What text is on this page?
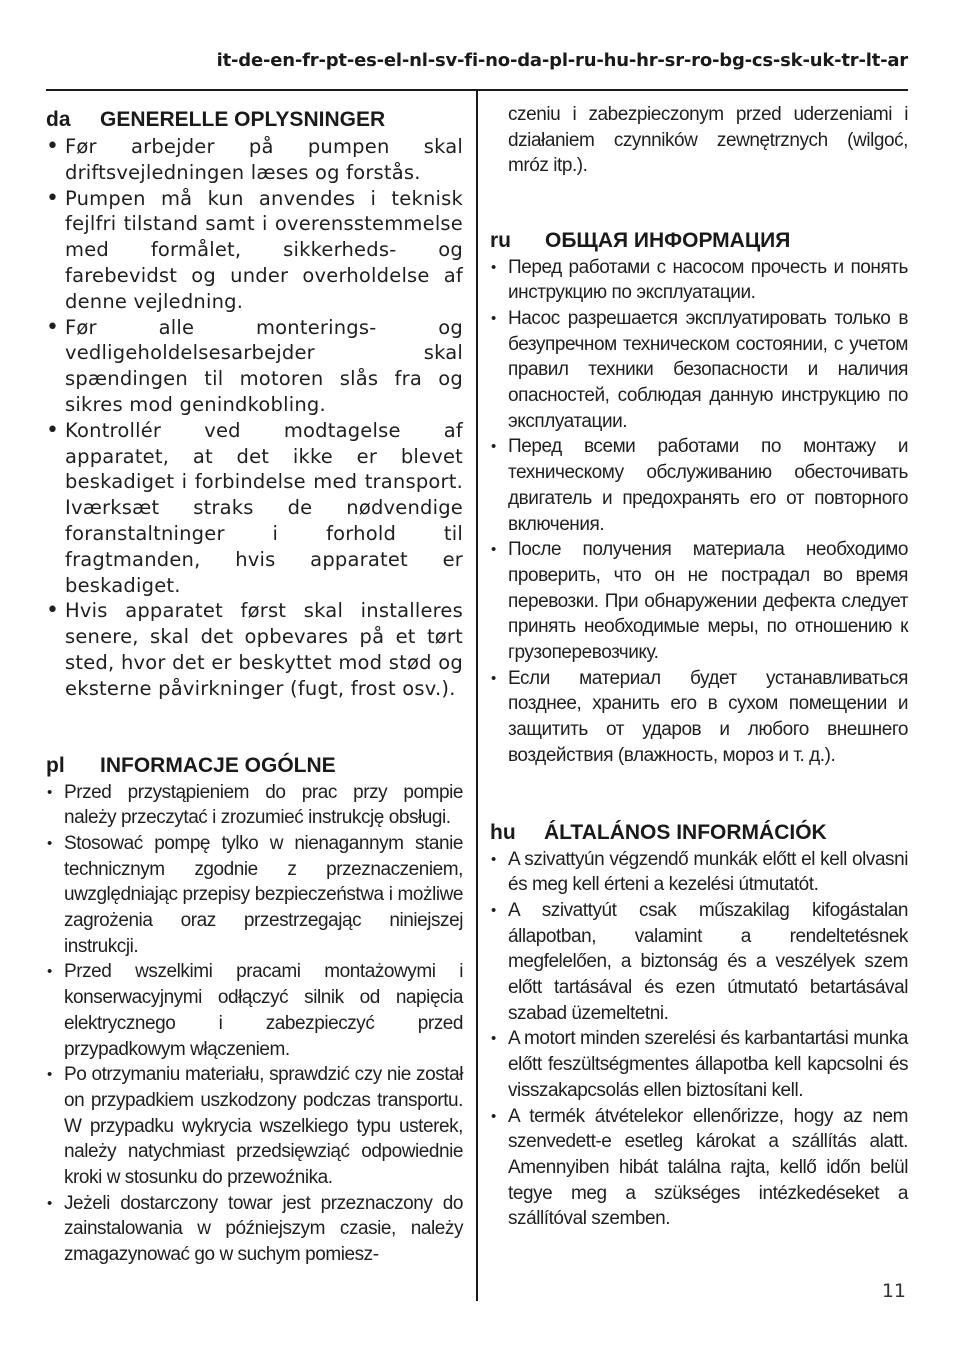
it-de-en-fr-pt-es-el-nl-sv-fi-no-da-pl-ru-hu-hr-sr-ro-bg-cs-sk-uk-tr-lt-ar
da GENERELLE OPLYSNINGER
• Før arbejder på pumpen skal driftsvejledningen læses og forstås.
• Pumpen må kun anvendes i teknisk fejlfri tilstand samt i overensstemmelse med formålet, sikkerheds- og farebevidst og under overholdelse af denne vejledning.
• Før alle monterings- og vedligeholdelsesarbejder skal spændingen til motoren slås fra og sikres mod genindkobling.
• Kontrollér ved modtagelse af apparatet, at det ikke er blevet beskadiget i forbindelse med transport. Iværksæt straks de nødvendige foranstaltninger i forhold til fragtmanden, hvis apparatet er beskadiget.
• Hvis apparatet først skal installeres senere, skal det opbevares på et tørt sted, hvor det er beskyttet mod stød og eksterne påvirkninger (fugt, frost osv.).
pl INFORMACJE OGÓLNE
• Przed przystąpieniem do prac przy pompie należy przeczytać i zrozumieć instrukcję obsługi.
• Stosować pompę tylko w nienagannym stanie technicznym zgodnie z przeznaczeniem, uwzględniając przepisy bezpieczeństwa i możliwe zagrożenia oraz przestrzegając niniejszej instrukcji.
• Przed wszelkimi pracami montażowymi i konserwacyjnymi odłączyć silnik od napięcia elektrycznego i zabezpieczyć przed przypadkowym włączeniem.
• Po otrzymaniu materiału, sprawdzić czy nie został on przypadkiem uszkodzony podczas transportu. W przypadku wykrycia wszelkiego typu usterek, należy natychmiast przedsięwziąć odpowiednie kroki w stosunku do przewoźnika.
• Jeżeli dostarczony towar jest przeznaczony do zainstalowania w późniejszym czasie, należy zmagazynować go w suchym pomiesz-

czeniu i zabezpieczonym przed uderzeniami i działaniem czynników zewnętrznych (wilgoć, mróz itp.).

ru ОБЩАЯ ИНФОРМАЦИЯ
• Перед работами с насосом прочесть и понять инструкцию по эксплуатации.
• Насос разрешается эксплуатировать только в безупречном техническом состоянии, с учетом правил техники безопасности и наличия опасностей, соблюдая данную инструкцию по эксплуатации.
• Перед всеми работами по монтажу и техническому обслуживанию обесточивать двигатель и предохранять его от повторного включения.
• После получения материала необходимо проверить, что он не пострадал во время перевозки. При обнаружении дефекта следует принять необходимые меры, по отношению к грузоперевозчику.
• Если материал будет устанавливаться позднее, хранить его в сухом помещении и защитить от ударов и любого внешнего воздействия (влажность, мороз и т. д.).
hu ÁLTALÁNOS INFORMÁCIÓK
• A szivattyún végzendő munkák előtt el kell olvasni és meg kell érteni a kezelési útmutatót.
• A szivattyút csak műszakilag kifogástalan állapotban, valamint a rendeltetésnek megfelelően, a biztonság és a veszélyek szem előtt tartásával és ezen útmutató betartásával szabad üzemeltetni.
• A motort minden szerelési és karbantartási munka előtt feszültségmentes állapotba kell kapcsolni és visszakapcsolás ellen biztosítani kell.
• A termék átvételekor ellenőrizze, hogy az nem szenvedett-e esetleg károkat a szállítás alatt. Amennyiben hibát találna rajta, kellő időn belül tegye meg a szükséges intézkedéseket a szállítóval szemben.
11
